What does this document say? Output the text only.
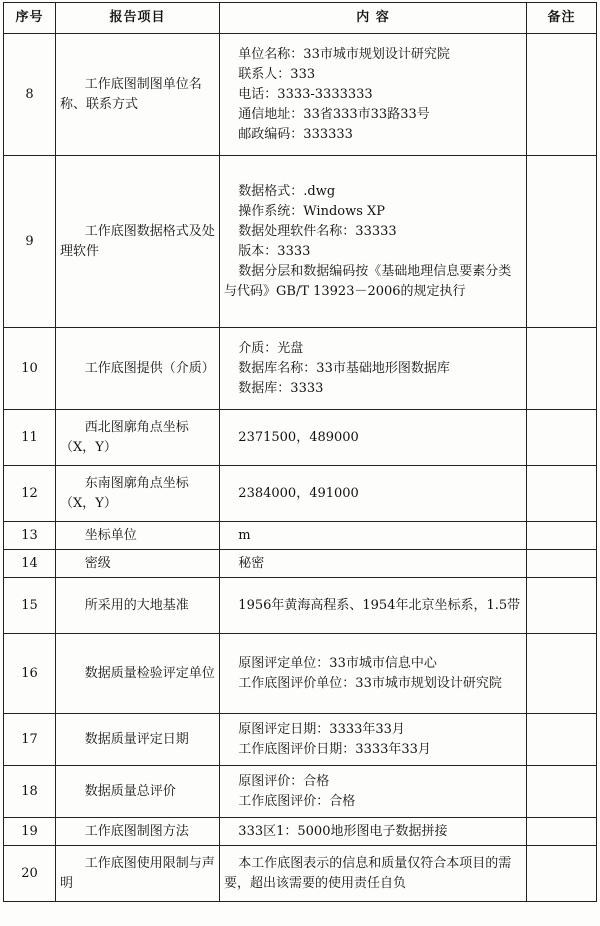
序号	报告项目	内 容	备注
8	工作底图制图单位名称、联系方式	单位名称：33市城市规划设计研究院
联系人：333
电话：3333-3333333
通信地址：33省333市33路33号
邮政编码：333333	

9	工作底图数据格式及处理软件	数据格式：.dwg
操作系统：Windows XP
数据处理软件名称：33333
版本：3333
数据分层和数据编码按《基础地理信息要素分类与代码》GB/T 13923－2006的规定执行	

10	工作底图提供（介质）	介质：光盘
数据库名称：33市基础地形图数据库
数据库：3333	

11	西北图廓角点坐标（X，Y）	2371500，489000	

12	东南图廓角点坐标（X，Y）	2384000，491000	

13	坐标单位	m	

14	密级	秘密	

15	所采用的大地基准	1956年黄海高程系、1954年北京坐标系，1.5带	

16	数据质量检验评定单位	原图评定单位：33市城市信息中心
工作底图评价单位：33市城市规划设计研究院	

17	数据质量评定日期	原图评定日期：3333年33月
工作底图评价日期：3333年33月	

18	数据质量总评价	原图评价：合格
工作底图评价：合格	

19	工作底图制图方法	333区1：5000地形图电子数据拼接	

20	工作底图使用限制与声明	本工作底图表示的信息和质量仅符合本项目的需要，超出该需要的使用责任自负	
